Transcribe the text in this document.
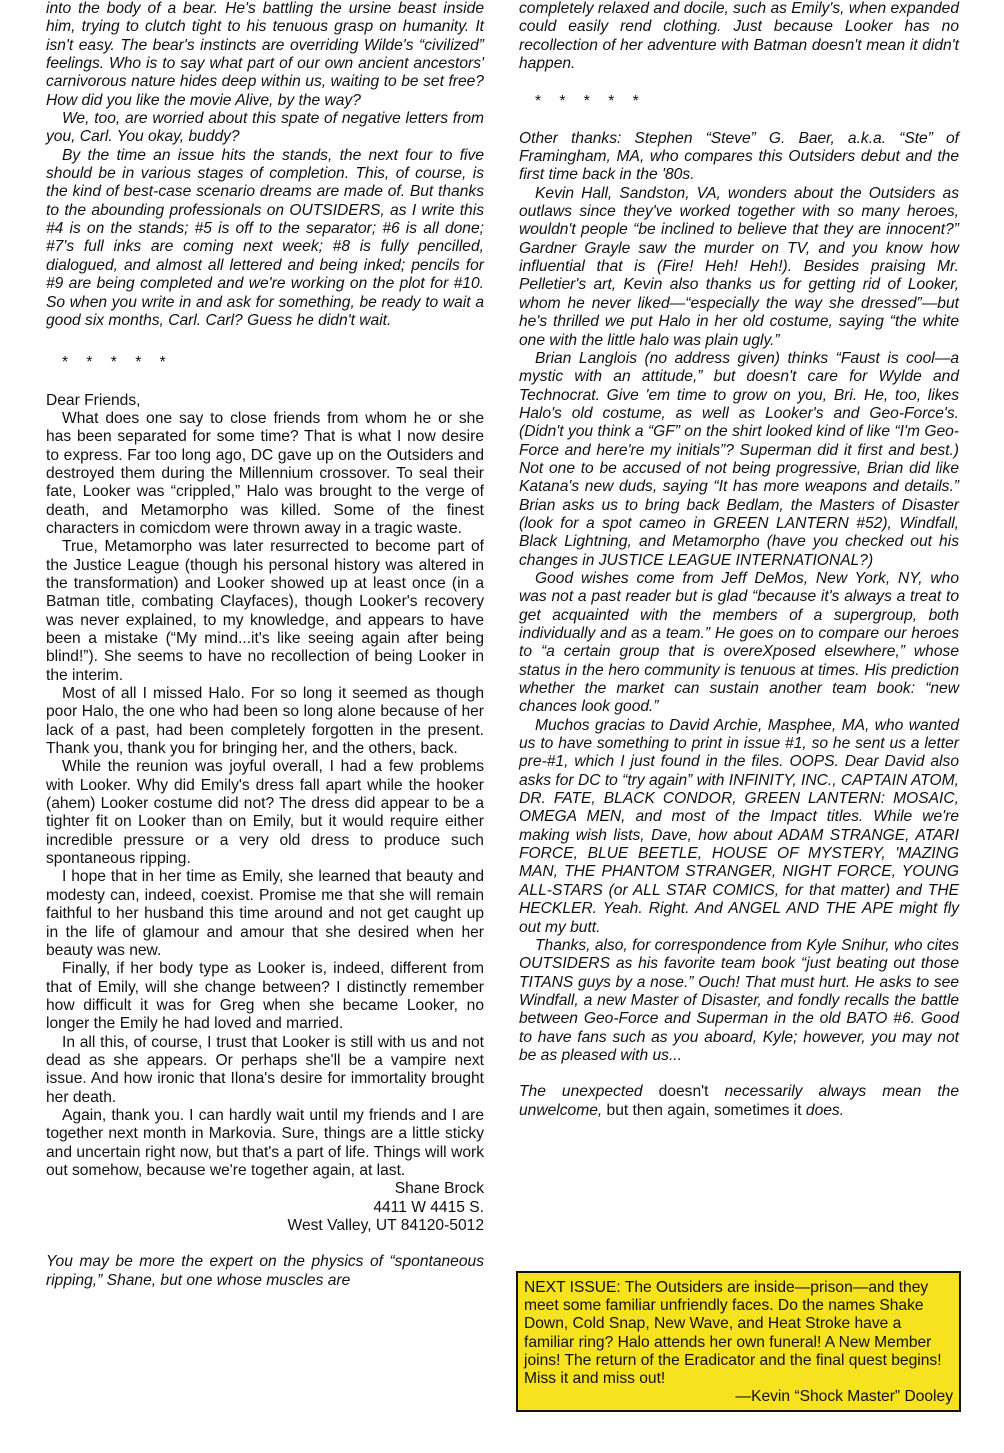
into the body of a bear. He's battling the ursine beast inside him, trying to clutch tight to his tenuous grasp on humanity. It isn't easy. The bear's instincts are overriding Wilde's “civilized” feelings. Who is to say what part of our own ancient ancestors' carnivorous nature hides deep within us, waiting to be set free? How did you like the movie Alive, by the way?

We, too, are worried about this spate of negative letters from you, Carl. You okay, buddy?

By the time an issue hits the stands, the next four to five should be in various stages of completion. This, of course, is the kind of best-case scenario dreams are made of. But thanks to the abounding professionals on OUTSIDERS, as I write this #4 is on the stands; #5 is off to the separator; #6 is all done; #7's full inks are coming next week; #8 is fully pencilled, dialogued, and almost all lettered and being inked; pencils for #9 are being completed and we're working on the plot for #10. So when you write in and ask for something, be ready to wait a good six months, Carl. Carl? Guess he didn't wait.

* * * * *

Dear Friends,

What does one say to close friends from whom he or she has been separated for some time? That is what I now desire to express. Far too long ago, DC gave up on the Outsiders and destroyed them during the Millennium crossover. To seal their fate, Looker was “crippled,” Halo was brought to the verge of death, and Metamorpho was killed. Some of the finest characters in comicdom were thrown away in a tragic waste.

True, Metamorpho was later resurrected to become part of the Justice League (though his personal history was altered in the transformation) and Looker showed up at least once (in a Batman title, combating Clayfaces), though Looker's recovery was never explained, to my knowledge, and appears to have been a mistake (“My mind...it's like seeing again after being blind!”). She seems to have no recollection of being Looker in the interim.

Most of all I missed Halo. For so long it seemed as though poor Halo, the one who had been so long alone because of her lack of a past, had been completely forgotten in the present. Thank you, thank you for bringing her, and the others, back.

While the reunion was joyful overall, I had a few problems with Looker. Why did Emily's dress fall apart while the hooker (ahem) Looker costume did not? The dress did appear to be a tighter fit on Looker than on Emily, but it would require either incredible pressure or a very old dress to produce such spontaneous ripping.

I hope that in her time as Emily, she learned that beauty and modesty can, indeed, coexist. Promise me that she will remain faithful to her husband this time around and not get caught up in the life of glamour and amour that she desired when her beauty was new.

Finally, if her body type as Looker is, indeed, different from that of Emily, will she change between? I distinctly remember how difficult it was for Greg when she became Looker, no longer the Emily he had loved and married.

In all this, of course, I trust that Looker is still with us and not dead as she appears. Or perhaps she'll be a vampire next issue. And how ironic that Ilona's desire for immortality brought her death.

Again, thank you. I can hardly wait until my friends and I are together next month in Markovia. Sure, things are a little sticky and uncertain right now, but that's a part of life. Things will work out somehow, because we're together again, at last.

Shane Brock

4411 W 4415 S.

West Valley, UT 84120-5012

You may be more the expert on the physics of “spontaneous ripping,” Shane, but one whose muscles are

completely relaxed and docile, such as Emily's, when expanded could easily rend clothing. Just because Looker has no recollection of her adventure with Batman doesn't mean it didn't happen.

* * * * *

Other thanks: Stephen “Steve” G. Baer, a.k.a. “Ste” of Framingham, MA, who compares this Outsiders debut and the first time back in the '80s.

Kevin Hall, Sandston, VA, wonders about the Outsiders as outlaws since they've worked together with so many heroes, wouldn't people “be inclined to believe that they are innocent?” Gardner Grayle saw the murder on TV, and you know how influential that is (Fire! Heh! Heh!). Besides praising Mr. Pelletier's art, Kevin also thanks us for getting rid of Looker, whom he never liked—“especially the way she dressed”—but he's thrilled we put Halo in her old costume, saying “the white one with the little halo was plain ugly.”

Brian Langlois (no address given) thinks “Faust is cool—a mystic with an attitude,” but doesn't care for Wylde and Technocrat. Give 'em time to grow on you, Bri. He, too, likes Halo's old costume, as well as Looker's and Geo-Force's. (Didn't you think a “GF” on the shirt looked kind of like “I'm Geo-Force and here're my initials”? Superman did it first and best.) Not one to be accused of not being progressive, Brian did like Katana's new duds, saying “It has more weapons and details.” Brian asks us to bring back Bedlam, the Masters of Disaster (look for a spot cameo in GREEN LANTERN #52), Windfall, Black Lightning, and Metamorpho (have you checked out his changes in JUSTICE LEAGUE INTERNATIONAL?)

Good wishes come from Jeff DeMos, New York, NY, who was not a past reader but is glad “because it's always a treat to get acquainted with the members of a supergroup, both individually and as a team.” He goes on to compare our heroes to “a certain group that is overeXposed elsewhere,” whose status in the hero community is tenuous at times. His prediction whether the market can sustain another team book: “new chances look good.”

Muchos gracias to David Archie, Masphee, MA, who wanted us to have something to print in issue #1, so he sent us a letter pre-#1, which I just found in the files. OOPS. Dear David also asks for DC to “try again” with INFINITY, INC., CAPTAIN ATOM, DR. FATE, BLACK CONDOR, GREEN LANTERN: MOSAIC, OMEGA MEN, and most of the Impact titles. While we're making wish lists, Dave, how about ADAM STRANGE, ATARI FORCE, BLUE BEETLE, HOUSE OF MYSTERY, 'MAZING MAN, THE PHANTOM STRANGER, NIGHT FORCE, YOUNG ALL-STARS (or ALL STAR COMICS, for that matter) and THE HECKLER. Yeah. Right. And ANGEL AND THE APE might fly out my butt.

Thanks, also, for correspondence from Kyle Snihur, who cites OUTSIDERS as his favorite team book “just beating out those TITANS guys by a nose.” Ouch! That must hurt. He asks to see Windfall, a new Master of Disaster, and fondly recalls the battle between Geo-Force and Superman in the old BATO #6. Good to have fans such as you aboard, Kyle; however, you may not be as pleased with us...

The unexpected doesn't necessarily always mean the unwelcome, but then again, sometimes it does.

NEXT ISSUE: The Outsiders are inside—prison—and they meet some familiar unfriendly faces. Do the names Shake Down, Cold Snap, New Wave, and Heat Stroke have a familiar ring? Halo attends her own funeral! A New Member joins! The return of the Eradicator and the final quest begins! Miss it and miss out!

—Kevin “Shock Master” Dooley
